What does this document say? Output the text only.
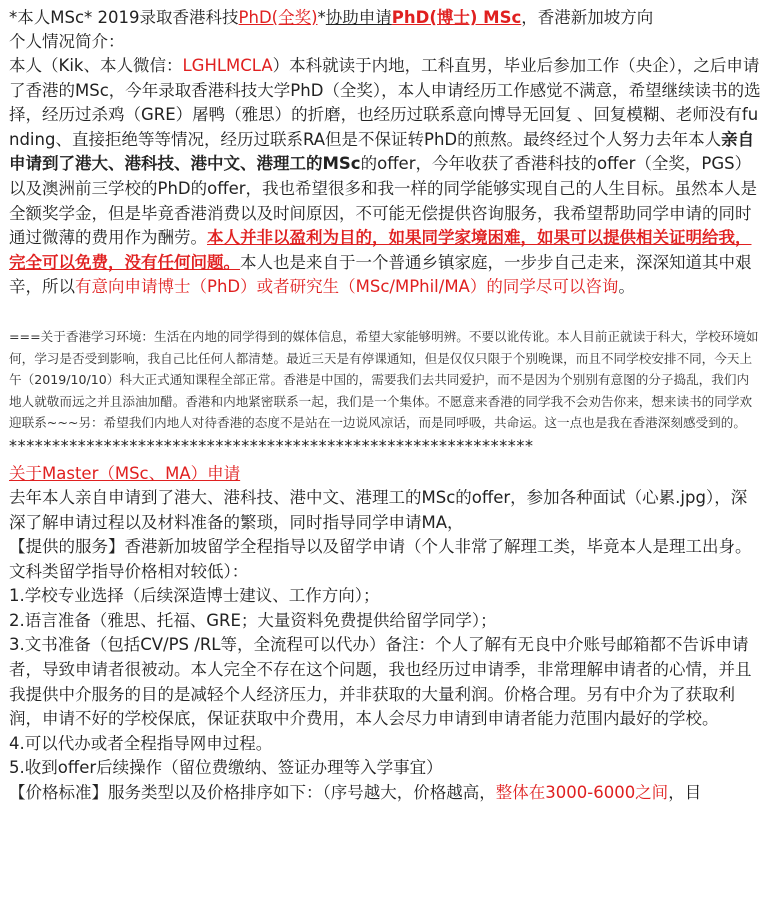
*本人MSc* 2019录取香港科技PhD(全奖)*协助申请PhD(博士) MSc，香港新加坡方向
个人情况简介：

本人（Kik、本人微信：LGHLMCLA）本科就读于内地，工科直男，毕业后参加工作（央企），之后申请了香港的MSc，今年录取香港科技大学PhD（全奖），本人申请经历工作感觉不满意，希望继续读书的选择，经历过杀鸡（GRE）屠鸭（雅思）的折磨，也经历过联系意向博导无回复 、回复模糊、老师没有funding、直接拒绝等等情况，经历过联系RA但是不保证转PhD的煎熬。最终经过个人努力去年本人亲自申请到了港大、港科技、港中文、港理工的MSc的offer，今年收获了香港科技的offer（全奖，PGS）以及澳洲前三学校的PhD的offer，我也希望很多和我一样的同学能够实现自己的人生目标。虽然本人是全额奖学金，但是毕竟香港消费以及时间原因，不可能无偿提供咨询服务，我希望帮助同学申请的同时通过微薄的费用作为酬劳。本人并非以盈利为目的，如果同学家境困难，如果可以提供相关证明给我，完全可以免费，没有任何问题。本人也是来自于一个普通乡镇家庭，一步步自己走来，深深知道其中艰辛，所以有意向申请博士（PhD）或者研究生（MSc/MPhil/MA）的同学尽可以咨询。

===关于香港学习环境：生活在内地的同学得到的媒体信息，希望大家能够明辨。不要以讹传讹。本人目前正就读于科大，学校环境如何，学习是否受到影响，我自己比任何人都清楚。最近三天是有停课通知，但是仅仅只限于个别晚课，而且不同学校安排不同，今天上午（2019/10/10）科大正式通知课程全部正常。香港是中国的，需要我们去共同爱护，而不是因为个别别有意图的分子捣乱，我们内地人就敬而远之并且添油加醋。香港和内地紧密联系一起，我们是一个集体。不愿意来香港的同学我不会劝告你来，想来读书的同学欢迎联系~~~另：希望我们内地人对待香港的态度不是站在一边说风凉话，而是同呼吸，共命运。这一点也是我在香港深刻感受到的。

*************************************************************
关于Master（MSc、MA）申请

去年本人亲自申请到了港大、港科技、港中文、港理工的MSc的offer，参加各种面试（心累.jpg），深深了解申请过程以及材料准备的繁琐，同时指导同学申请MA，

【提供的服务】香港新加坡留学全程指导以及留学申请（个人非常了解理工类，毕竟本人是理工出身。文科类留学指导价格相对较低）：

1.学校专业选择（后续深造博士建议、工作方向）；

2.语言准备（雅思、托福、GRE；大量资料免费提供给留学同学）；

3.文书准备（包括CV/PS /RL等，全流程可以代办）备注：个人了解有无良中介账号邮箱都不告诉申请者，导致申请者很被动。本人完全不存在这个问题，我也经历过申请季，非常理解申请者的心情，并且我提供中介服务的目的是减轻个人经济压力，并非获取的大量利润。价格合理。另有中介为了获取利润，申请不好的学校保底，保证获取中介费用，本人会尽力申请到申请者能力范围内最好的学校。

4.可以代办或者全程指导网申过程。

5.收到offer后续操作（留位费缴纳、签证办理等入学事宜）

【价格标准】服务类型以及价格排序如下：（序号越大，价格越高，整体在3000-6000之间，目
